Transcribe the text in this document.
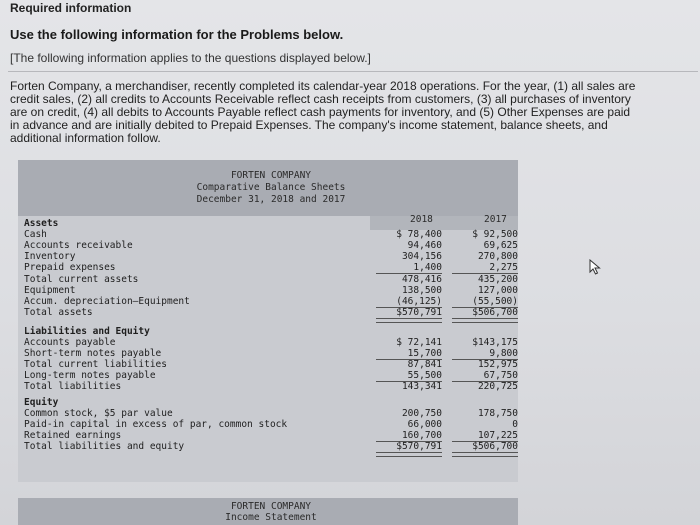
Required information
Use the following information for the Problems below.
[The following information applies to the questions displayed below.]

Forten Company, a merchandiser, recently completed its calendar-year 2018 operations. For the year, (1) all sales are

credit sales, (2) all credits to Accounts Receivable reflect cash receipts from customers, (3) all purchases of inventory

are on credit, (4) all debits to Accounts Payable reflect cash payments for inventory, and (5) Other Expenses are paid

in advance and are initially debited to Prepaid Expenses. The company's income statement, balance sheets, and

additional information follow.

FORTEN COMPANY
Comparative Balance Sheets
December 31, 2018 and 2017
2018	2017
Assets
Cash	$ 78,400	$ 92,500
Accounts receivable	94,460	69,625
Inventory	304,156	270,800
Prepaid expenses	1,400	2,275
Total current assets	478,416	435,200
Equipment	138,500	127,000
Accum. depreciation—Equipment	(46,125)	(55,500)
Total assets	$570,791	$506,700
Liabilities and Equity
Accounts payable	$ 72,141	$143,175
Short-term notes payable	15,700	9,800
Total current liabilities	87,841	152,975
Long-term notes payable	55,500	67,750
Total liabilities	143,341	220,725
Equity
Common stock, $5 par value	200,750	178,750
Paid-in capital in excess of par, common stock	66,000	0
Retained earnings	160,700	107,225
Total liabilities and equity	$570,791	$506,700
FORTEN COMPANY
Income Statement
